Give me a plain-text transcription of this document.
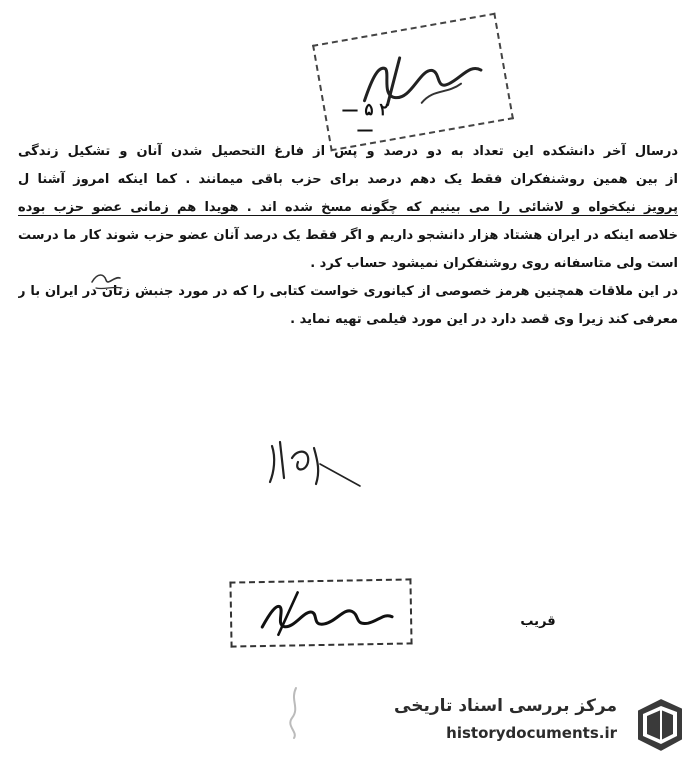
— ۵ ۲ —
درسال آخر دانشکده این تعداد به دو درصد و پس از فارغ التحصیل شدن آنان و تشکیل زندگی
از بین همین روشنفکران فقط یک دهم درصد برای حزب باقی میمانند . کما اینکه امروز آشنا ل
پرویز نیکخواه و لاشائی را می بینیم که چگونه مسخ شده اند . هویدا هم زمانی عضو حزب بوده
خلاصه اینکه در ایران هشتاد هزار دانشجو داریم و اگر فقط یک درصد آنان عضو حزب شوند کار ما درست
است ولی متاسفانه روی روشنفکران نمیشود حساب کرد .
در این ملاقات همچنین هرمز خصوصی از کیانوری خواست کتابی را که در مورد جنبش زنان در ایران با ر
معرفی کند زیرا وی قصد دارد در این مورد فیلمی تهیه نماید .
قریب
مرکز بررسی اسناد تاریخی
historydocuments.ir
